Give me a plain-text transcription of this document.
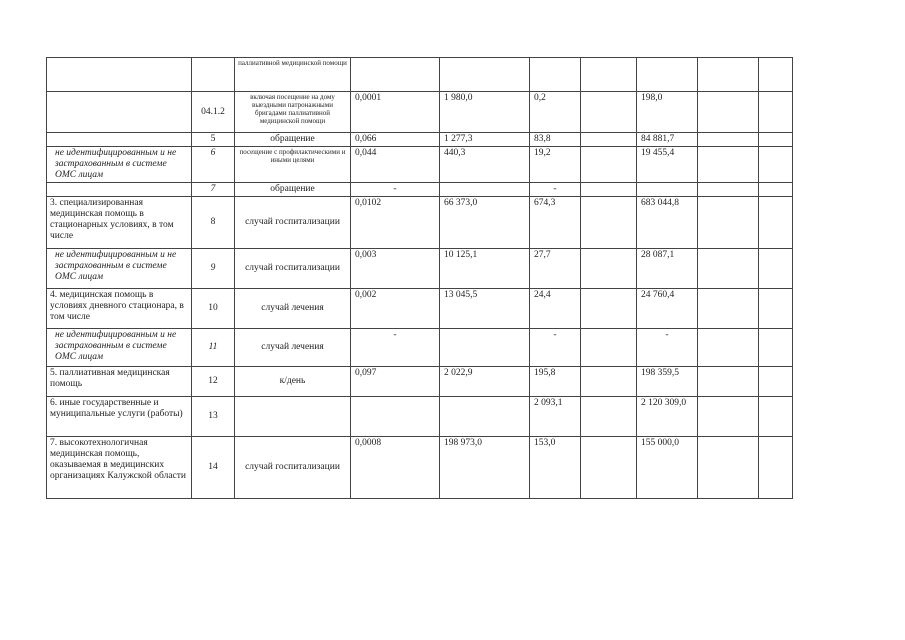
		паллиативной медицинской помощи							
	04.1.2	включая посещение на дому выездными патронажными бригадами паллиативной медицинской помощи	0,0001	1 980,0	0,2		198,0		
	5	обращение	0,066	1 277,3	83,8		84 881,7		
не идентифицированным и не застрахованным в системе ОМС лицам	6	посещение с профилактическими и иными целями	0,044	440,3	19,2		19 455,4		
	7	обращение	-		-				
3. специализированная медицинская помощь в стационарных условиях, в том числе	8	случай госпитализации	0,0102	66 373,0	674,3		683 044,8		
не идентифицированным и не застрахованным в системе ОМС лицам	9	случай госпитализации	0,003	10 125,1	27,7		28 087,1		
4. медицинская помощь в условиях дневного стационара, в том числе	10	случай лечения	0,002	13 045,5	24,4		24 760,4		
не идентифицированным и не застрахованным в системе ОМС лицам	11	случай лечения	-		-		-		
5. паллиативная медицинская помощь	12	к/день	0,097	2 022,9	195,8		198 359,5		
6. иные государственные и муниципальные услуги (работы)	13				2 093,1		2 120 309,0		
7. высокотехнологичная медицинская помощь, оказываемая в медицинских организациях Калужской области	14	случай госпитализации	0,0008	198 973,0	153,0		155 000,0		
